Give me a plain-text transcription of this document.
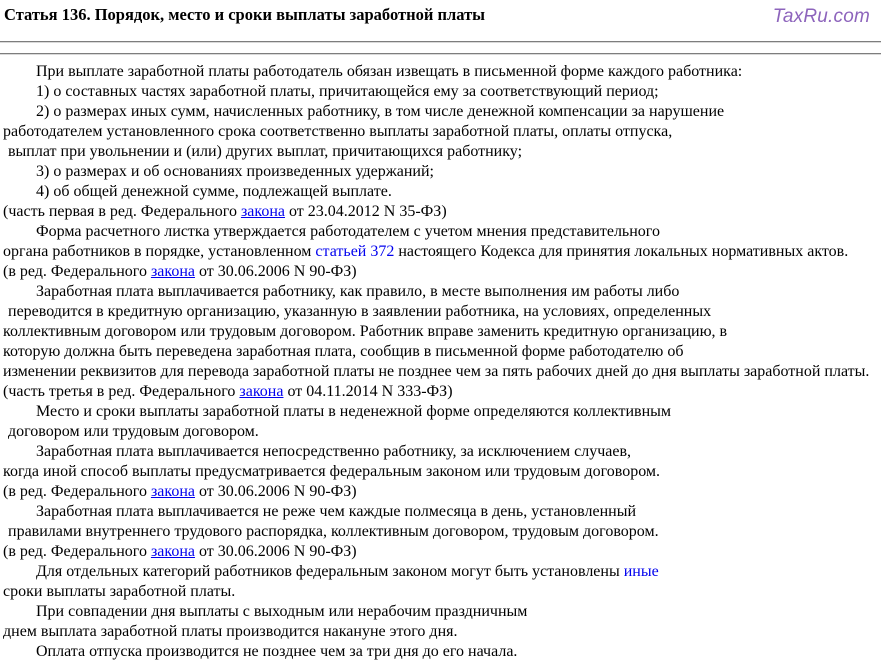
Статья 136. Порядок, место и сроки выплаты заработной платы	TaxRu.com
При выплате заработной платы работодатель обязан извещать в письменной форме каждого работника:
1) о составных частях заработной платы, причитающейся ему за соответствующий период;
2) о размерах иных сумм, начисленных работнику, в том числе денежной компенсации за нарушение
работодателем установленного срока соответственно выплаты заработной платы, оплаты отпуска,
выплат при увольнении и (или) других выплат, причитающихся работнику;
3) о размерах и об основаниях произведенных удержаний;
4) об общей денежной сумме, подлежащей выплате.
(часть первая в ред. Федерального закона от 23.04.2012 N 35-ФЗ)
Форма расчетного листка утверждается работодателем с учетом мнения представительного
органа работников в порядке, установленном статьей 372 настоящего Кодекса для принятия локальных нормативных актов.
(в ред. Федерального закона от 30.06.2006 N 90-ФЗ)
Заработная плата выплачивается работнику, как правило, в месте выполнения им работы либо
переводится в кредитную организацию, указанную в заявлении работника, на условиях, определенных
коллективным договором или трудовым договором. Работник вправе заменить кредитную организацию, в
которую должна быть переведена заработная плата, сообщив в письменной форме работодателю об
изменении реквизитов для перевода заработной платы не позднее чем за пять рабочих дней до дня выплаты заработной платы.
(часть третья в ред. Федерального закона от 04.11.2014 N 333-ФЗ)
Место и сроки выплаты заработной платы в неденежной форме определяются коллективным
договором или трудовым договором.
Заработная плата выплачивается непосредственно работнику, за исключением случаев,
когда иной способ выплаты предусматривается федеральным законом или трудовым договором.
(в ред. Федерального закона от 30.06.2006 N 90-ФЗ)
Заработная плата выплачивается не реже чем каждые полмесяца в день, установленный
правилами внутреннего трудового распорядка, коллективным договором, трудовым договором.
(в ред. Федерального закона от 30.06.2006 N 90-ФЗ)
Для отдельных категорий работников федеральным законом могут быть установлены иные
сроки выплаты заработной платы.
При совпадении дня выплаты с выходным или нерабочим праздничным
днем выплата заработной платы производится накануне этого дня.
Оплата отпуска производится не позднее чем за три дня до его начала.
